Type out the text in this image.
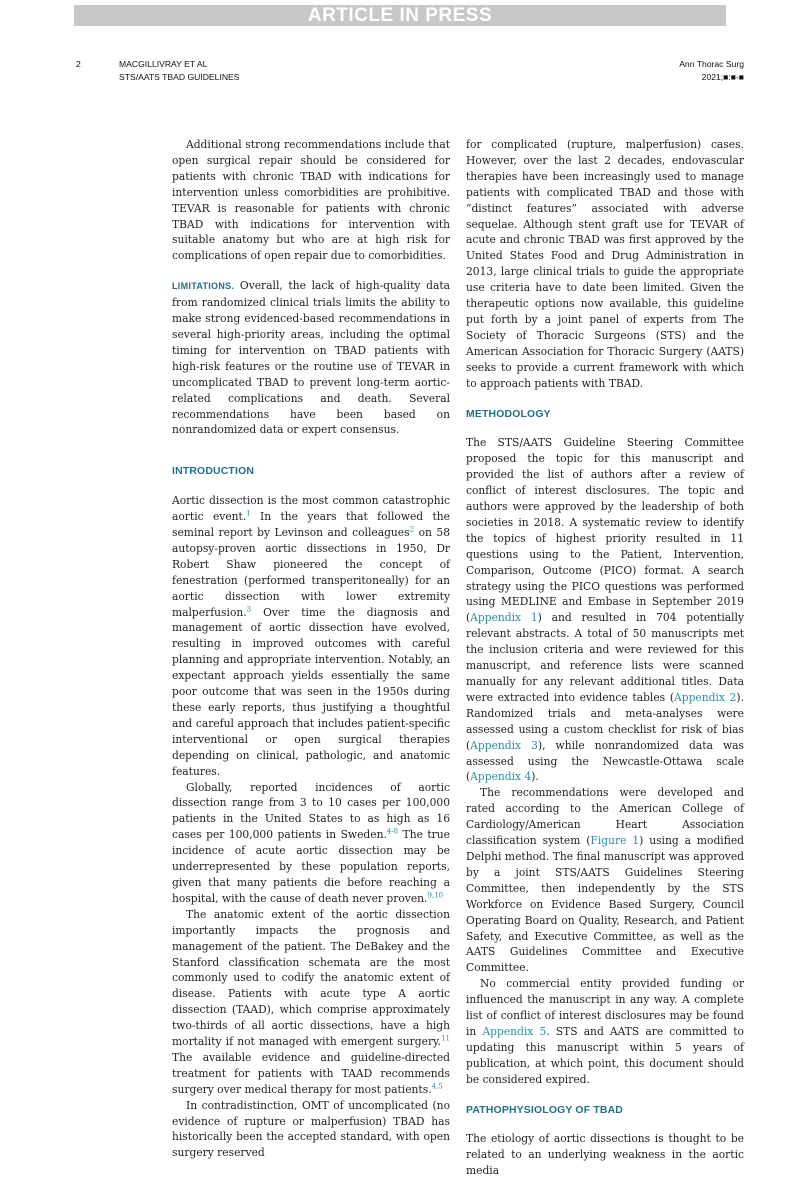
ARTICLE IN PRESS
2	MACGILLIVRAY ET AL
STS/AATS TBAD GUIDELINES
Ann Thorac Surg
2021;■:■-■

Additional strong recommendations include that open surgical repair should be considered for patients with chronic TBAD with indications for intervention unless comorbidities are prohibitive. TEVAR is reasonable for patients with chronic TBAD with indications for intervention with suitable anatomy but who are at high risk for complications of open repair due to comorbidities.

LIMITATIONS. Overall, the lack of high-quality data from randomized clinical trials limits the ability to make strong evidenced-based recommendations in several high-priority areas, including the optimal timing for intervention on TBAD patients with high-risk features or the routine use of TEVAR in uncomplicated TBAD to prevent long-term aortic-related complications and death. Several recommendations have been based on nonrandomized data or expert consensus.

INTRODUCTION

Aortic dissection is the most common catastrophic aortic event.$^1$ In the years that followed the seminal report by Levinson and colleagues$^2$ on 58 autopsy-proven aortic dissections in 1950, Dr Robert Shaw pioneered the concept of fenestration (performed transperitoneally) for an aortic dissection with lower extremity malperfusion.$^3$ Over time the diagnosis and management of aortic dissection have evolved, resulting in improved outcomes with careful planning and appropriate intervention. Notably, an expectant approach yields essentially the same poor outcome that was seen in the 1950s during these early reports, thus justifying a thoughtful and careful approach that includes patient-specific interventional or open surgical therapies depending on clinical, pathologic, and anatomic features.

Globally, reported incidences of aortic dissection range from 3 to 10 cases per 100,000 patients in the United States to as high as 16 cases per 100,000 patients in Sweden.$^{4-8}$ The true incidence of acute aortic dissection may be underrepresented by these population reports, given that many patients die before reaching a hospital, with the cause of death never proven.$^{9,10}$

The anatomic extent of the aortic dissection importantly impacts the prognosis and management of the patient. The DeBakey and the Stanford classification schemata are the most commonly used to codify the anatomic extent of disease. Patients with acute type A aortic dissection (TAAD), which comprise approximately two-thirds of all aortic dissections, have a high mortality if not managed with emergent surgery.$^{11}$ The available evidence and guideline-directed treatment for patients with TAAD recommends surgery over medical therapy for most patients.$^{4,5}$

In contradistinction, OMT of uncomplicated (no evidence of rupture or malperfusion) TBAD has historically been the accepted standard, with open surgery reserved

for complicated (rupture, malperfusion) cases. However, over the last 2 decades, endovascular therapies have been increasingly used to manage patients with complicated TBAD and those with “distinct features” associated with adverse sequelae. Although stent graft use for TEVAR of acute and chronic TBAD was first approved by the United States Food and Drug Administration in 2013, large clinical trials to guide the appropriate use criteria have to date been limited. Given the therapeutic options now available, this guideline put forth by a joint panel of experts from The Society of Thoracic Surgeons (STS) and the American Association for Thoracic Surgery (AATS) seeks to provide a current framework with which to approach patients with TBAD.

METHODOLOGY

The STS/AATS Guideline Steering Committee proposed the topic for this manuscript and provided the list of authors after a review of conflict of interest disclosures. The topic and authors were approved by the leadership of both societies in 2018. A systematic review to identify the topics of highest priority resulted in 11 questions using to the Patient, Intervention, Comparison, Outcome (PICO) format. A search strategy using the PICO questions was performed using MEDLINE and Embase in September 2019 (Appendix 1) and resulted in 704 potentially relevant abstracts. A total of 50 manuscripts met the inclusion criteria and were reviewed for this manuscript, and reference lists were scanned manually for any relevant additional titles. Data were extracted into evidence tables (Appendix 2). Randomized trials and meta-analyses were assessed using a custom checklist for risk of bias (Appendix 3), while nonrandomized data was assessed using the Newcastle-Ottawa scale (Appendix 4).

The recommendations were developed and rated according to the American College of Cardiology/American Heart Association classification system (Figure 1) using a modified Delphi method. The final manuscript was approved by a joint STS/AATS Guidelines Steering Committee, then independently by the STS Workforce on Evidence Based Surgery, Council Operating Board on Quality, Research, and Patient Safety, and Executive Committee, as well as the AATS Guidelines Committee and Executive Committee.

No commercial entity provided funding or influenced the manuscript in any way. A complete list of conflict of interest disclosures may be found in Appendix 5. STS and AATS are committed to updating this manuscript within 5 years of publication, at which point, this document should be considered expired.

PATHOPHYSIOLOGY OF TBAD

The etiology of aortic dissections is thought to be related to an underlying weakness in the aortic media
